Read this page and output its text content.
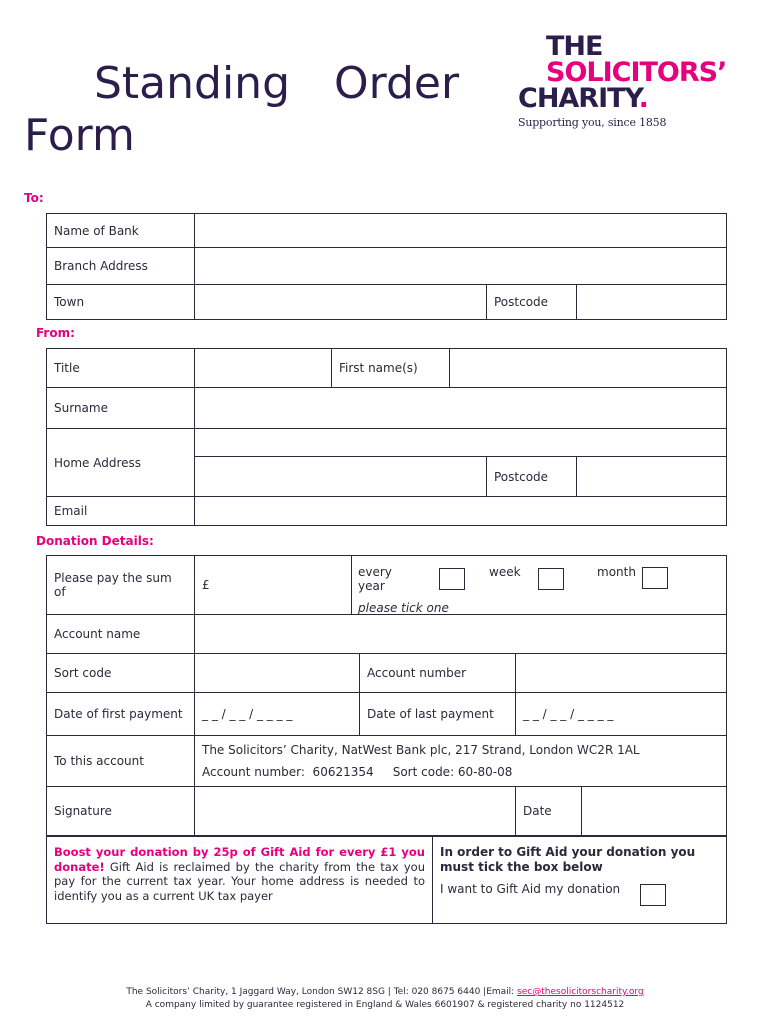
Standing Order
Form
THE
SOLICITORS’
CHARITY.
Supporting you, since 1858
To:
Name of Bank			
Branch Address			
Town		Postcode	
From:
Title		First name(s)			
Surname					
Home Address					
				Postcode	
Email					
Donation Details:
Please pay the sum of	£	every year
week month
please tick one			

Account name					
Sort code			Account number		
Date of first payment	_ _ / _ _ / _ _ _ _		Date of last payment	_ _ / _ _ / _ _ _ _	
To this account	The Solicitors’ Charity, NatWest Bank plc, 217 Strand, London WC2R 1AL
Account number:  60621354     Sort code: 60-80-08				

Signature				Date	
Boost your donation by 25p of Gift Aid for every £1 you donate! Gift Aid is reclaimed by the charity from the tax you pay for the current tax year. Your home address is needed to identify you as a current UK tax payer	
In order to Gift Aid your donation you must tick the box below
I want to Gift Aid my donation
The Solicitors’ Charity, 1 Jaggard Way, London SW12 8SG | Tel: 020 8675 6440 |Email: sec@thesolicitorscharity.org
A company limited by guarantee registered in England & Wales 6601907 & registered charity no 1124512
